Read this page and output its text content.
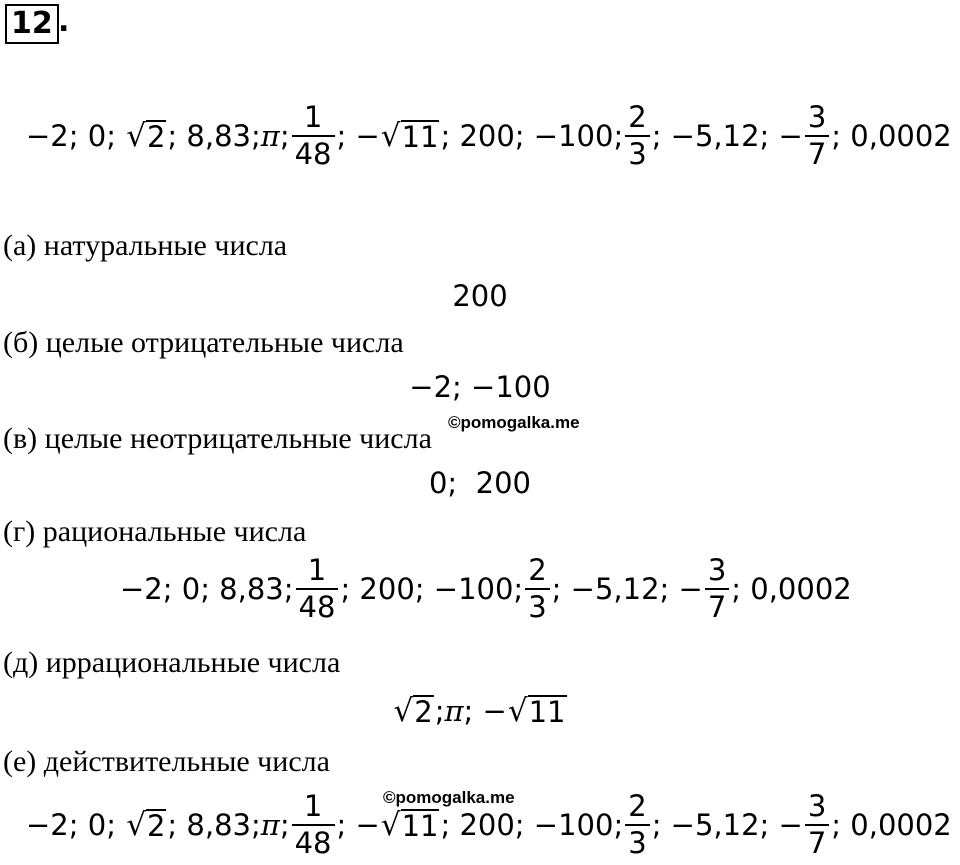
12 .
−2; 0; √ 2 ; 8,83; π ; $\frac{1}{48}$ ; − √ 11 ; 200; −100; $\frac{2}{3}$ ; −5,12; − $\frac{3}{7}$ ; 0,0002
(а) натуральные числа
200
(б) целые отрицательные числа
−2; −100
©pomogalka.me
(в) целые неотрицательные числа
0;  200
(г) рациональные числа
−2; 0; 8,83; $\frac{1}{48}$ ; 200; −100; $\frac{2}{3}$ ; −5,12; − $\frac{3}{7}$ ; 0,0002
(д) иррациональные числа
√ 2 ; π ; − √ 11
(е) действительные числа
©pomogalka.me
−2; 0; √ 2 ; 8,83; π ; $\frac{1}{48}$ ; − √ 11 ; 200; −100; $\frac{2}{3}$ ; −5,12; − $\frac{3}{7}$ ; 0,0002
